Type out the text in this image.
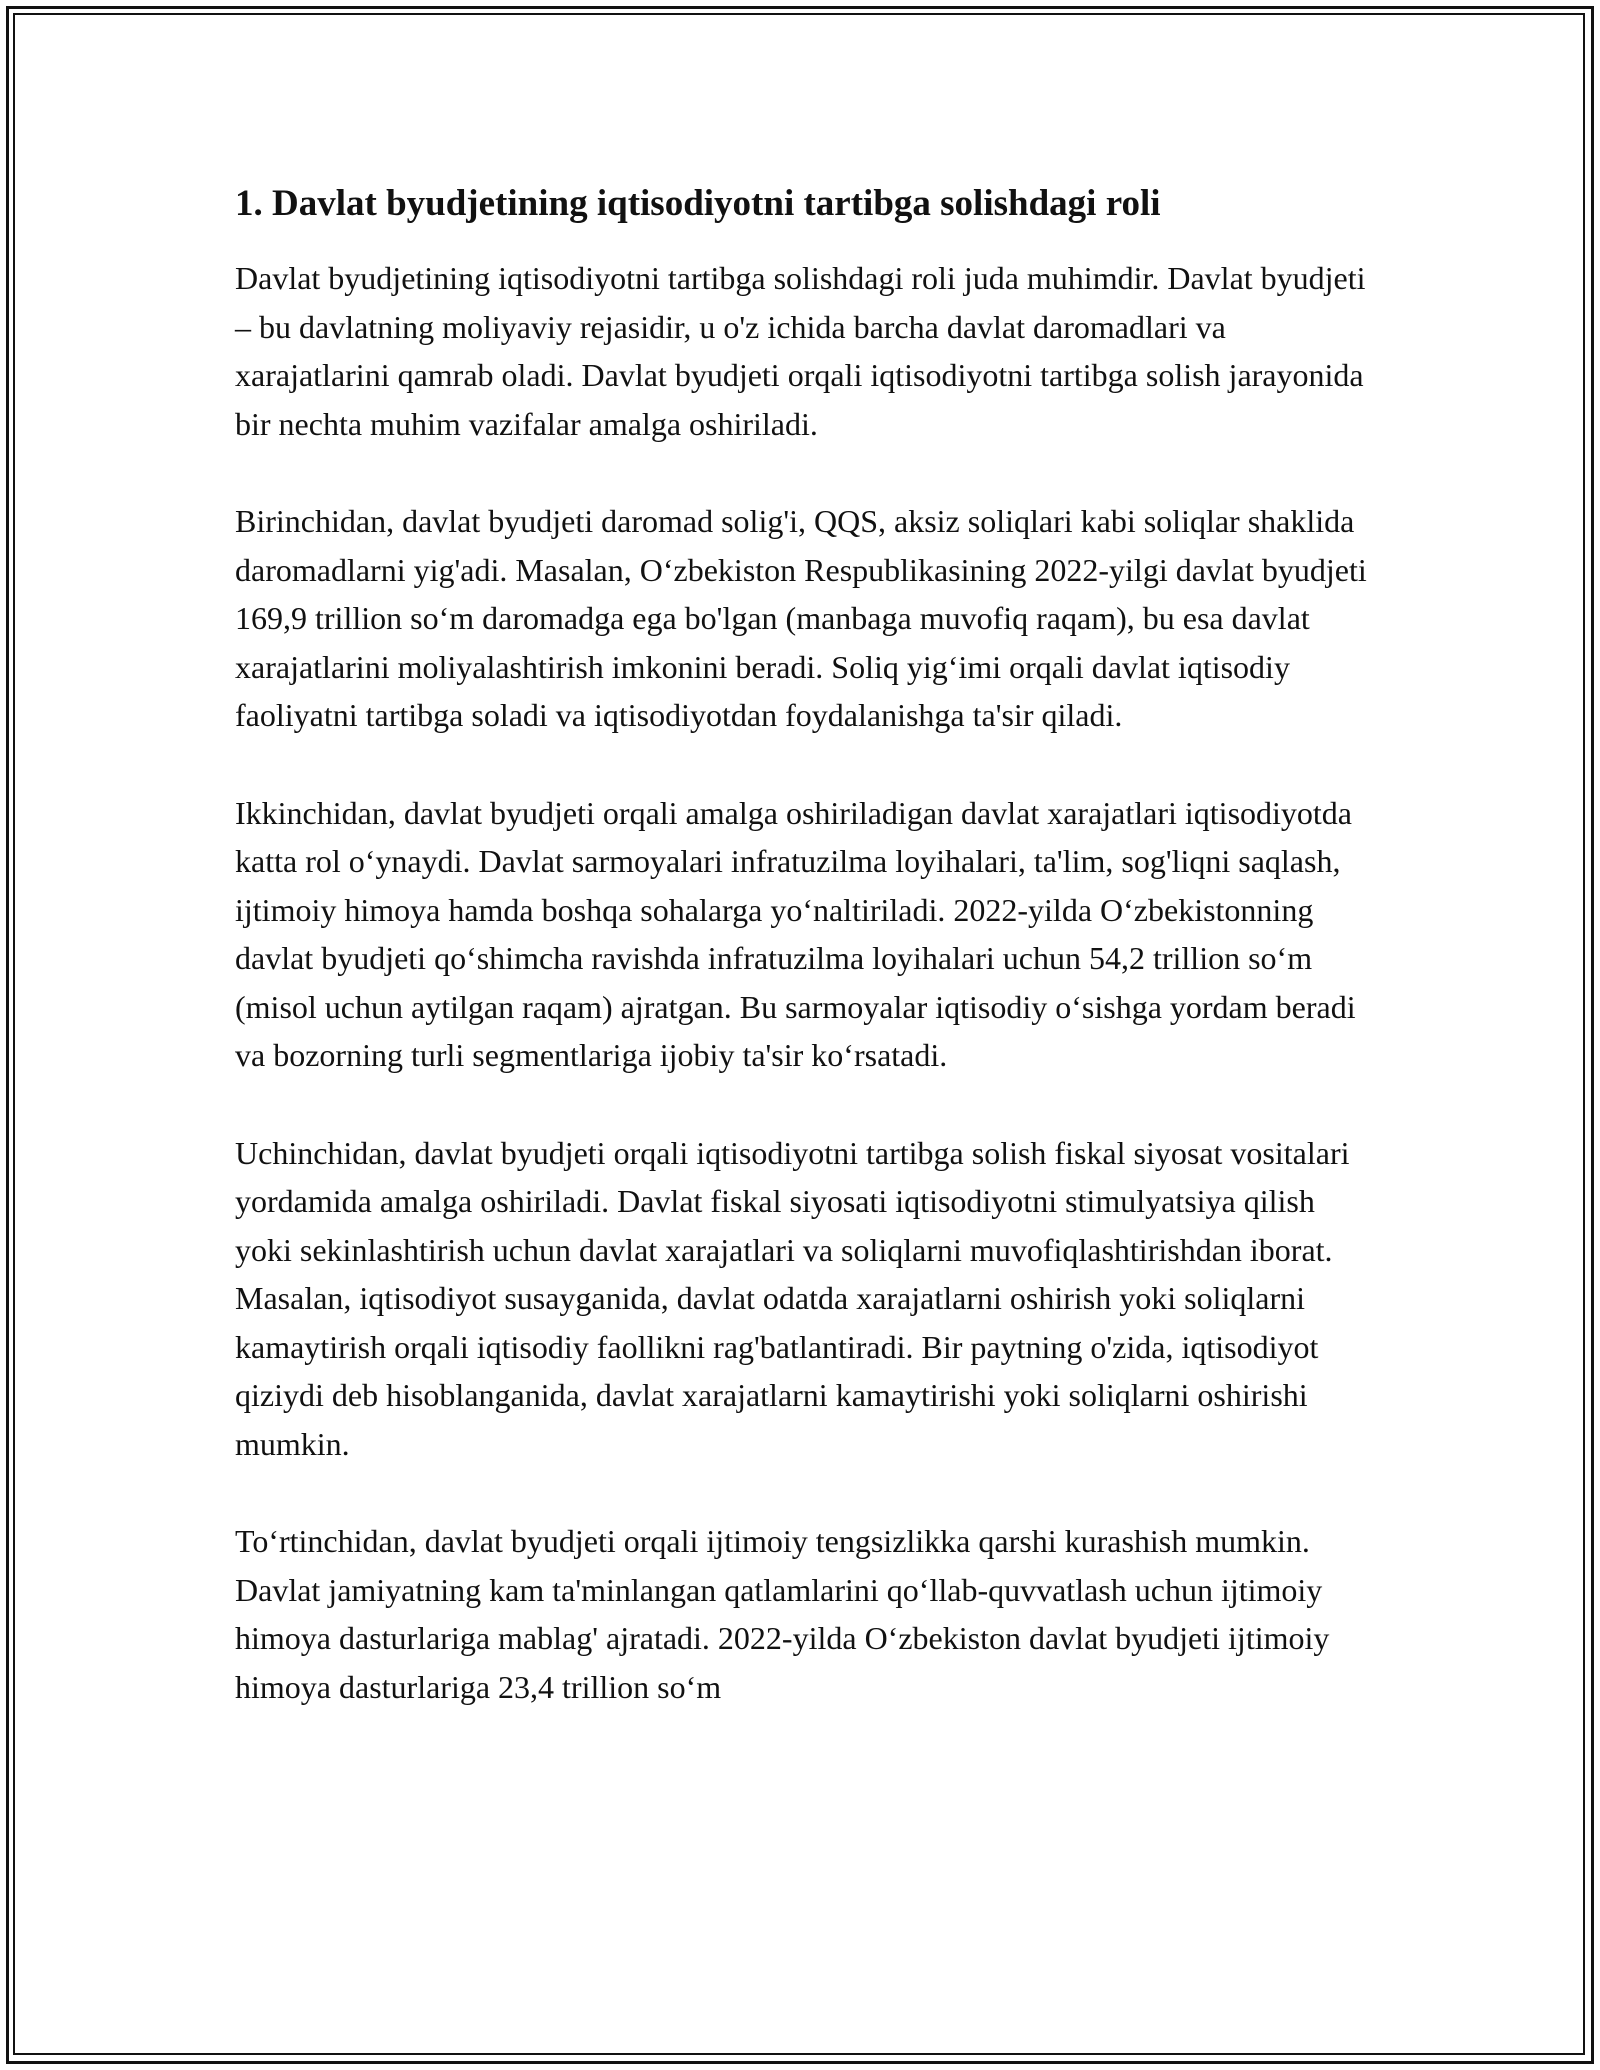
1. Davlat byudjetining iqtisodiyotni tartibga solishdagi roli

Davlat byudjetining iqtisodiyotni tartibga solishdagi roli juda muhimdir. Davlat byudjeti – bu davlatning moliyaviy rejasidir, u o'z ichida barcha davlat daromadlari va xarajatlarini qamrab oladi. Davlat byudjeti orqali iqtisodiyotni tartibga solish jarayonida bir nechta muhim vazifalar amalga oshiriladi.

Birinchidan, davlat byudjeti daromad solig'i, QQS, aksiz soliqlari kabi soliqlar shaklida daromadlarni yig'adi. Masalan, O‘zbekiston Respublikasining 2022-yilgi davlat byudjeti 169,9 trillion so‘m daromadga ega bo'lgan (manbaga muvofiq raqam), bu esa davlat xarajatlarini moliyalashtirish imkonini beradi. Soliq yig‘imi orqali davlat iqtisodiy faoliyatni tartibga soladi va iqtisodiyotdan foydalanishga ta'sir qiladi.

Ikkinchidan, davlat byudjeti orqali amalga oshiriladigan davlat xarajatlari iqtisodiyotda katta rol o‘ynaydi. Davlat sarmoyalari infratuzilma loyihalari, ta'lim, sog'liqni saqlash, ijtimoiy himoya hamda boshqa sohalarga yo‘naltiriladi. 2022-yilda O‘zbekistonning davlat byudjeti qo‘shimcha ravishda infratuzilma loyihalari uchun 54,2 trillion so‘m (misol uchun aytilgan raqam) ajratgan. Bu sarmoyalar iqtisodiy o‘sishga yordam beradi va bozorning turli segmentlariga ijobiy ta'sir ko‘rsatadi.

Uchinchidan, davlat byudjeti orqali iqtisodiyotni tartibga solish fiskal siyosat vositalari yordamida amalga oshiriladi. Davlat fiskal siyosati iqtisodiyotni stimulyatsiya qilish yoki sekinlashtirish uchun davlat xarajatlari va soliqlarni muvofiqlashtirishdan iborat. Masalan, iqtisodiyot susayganida, davlat odatda xarajatlarni oshirish yoki soliqlarni kamaytirish orqali iqtisodiy faollikni rag'batlantiradi. Bir paytning o'zida, iqtisodiyot qiziydi deb hisoblanganida, davlat xarajatlarni kamaytirishi yoki soliqlarni oshirishi mumkin.

To‘rtinchidan, davlat byudjeti orqali ijtimoiy tengsizlikka qarshi kurashish mumkin. Davlat jamiyatning kam ta'minlangan qatlamlarini qo‘llab-quvvatlash uchun ijtimoiy himoya dasturlariga mablag' ajratadi. 2022-yilda O‘zbekiston davlat byudjeti ijtimoiy himoya dasturlariga 23,4 trillion so‘m
